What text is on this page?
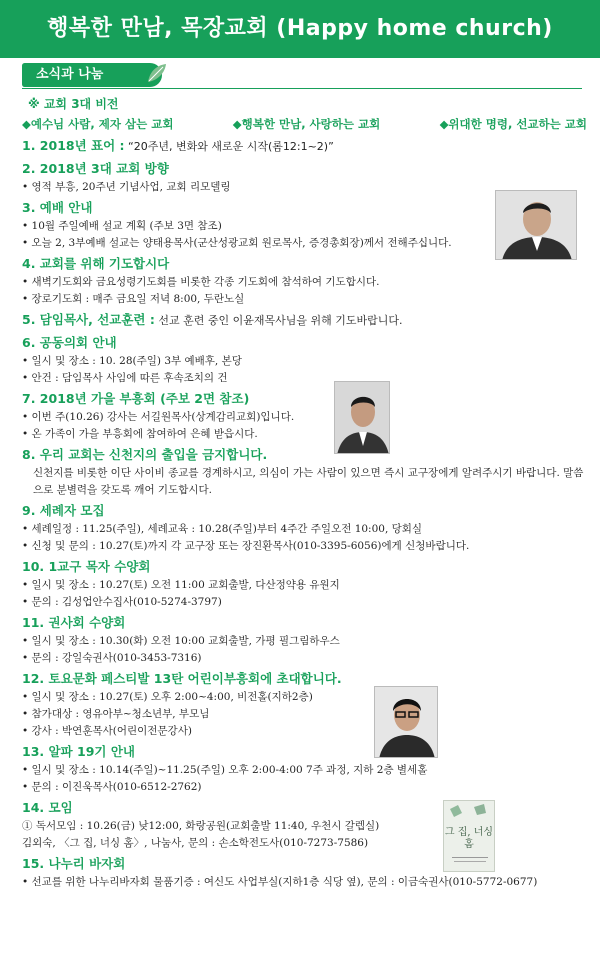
행복한 만남, 목장교회 (Happy home church)
소식과 나눔
※ 교회 3대 비전
◆예수님 사람, 제자 삼는 교회	◆행복한 만남, 사랑하는 교회	◆위대한 명령, 선교하는 교회
1. 2018년 표어 : “20주년, 변화와 새로운 시작(롬12:1~2)”
2. 2018년 3대 교회 방향
• 영적 부흥, 20주년 기념사업, 교회 리모델링
3. 예배 안내
• 10월 주일예배 설교 계획 (주보 3면 참조)
• 오늘 2, 3부예배 설교는 양태용목사(군산성광교회 원로목사, 증경총회장)께서 전해주십니다.
4. 교회를 위해 기도합시다
• 새벽기도회와 금요성령기도회를 비롯한 각종 기도회에 참석하여 기도합시다.
• 장로기도회 : 매주 금요일 저녁 8:00, 두란노실
5. 담임목사, 선교훈련 : 선교 훈련 중인 이윤재목사님을 위해 기도바랍니다.
6. 공동의회 안내
• 일시 및 장소 : 10. 28(주일) 3부 예배후, 본당
• 안건 : 담임목사 사임에 따른 후속조치의 건
7. 2018년 가을 부흥회 (주보 2면 참조)
• 이번 주(10.26) 강사는 서길원목사(상계감리교회)입니다.
• 온 가족이 가을 부흥회에 참여하여 은혜 받읍시다.
8. 우리 교회는 신천지의 출입을 금지합니다.
신천지를 비롯한 이단 사이비 종교를 경계하시고, 의심이 가는 사람이 있으면 즉시 교구장에게 알려주시기 바랍니다. 말씀으로 분별력을 갖도록 깨어 기도합시다.
9. 세례자 모집
• 세례일정 : 11.25(주일), 세례교육 : 10.28(주일)부터 4주간 주일오전 10:00, 당회실
• 신청 및 문의 : 10.27(토)까지 각 교구장 또는 장진환목사(010-3395-6056)에게 신청바랍니다.
10. 1교구 목자 수양회
• 일시 및 장소 : 10.27(토) 오전 11:00 교회출발, 다산정약용 유원지
• 문의 : 김성업안수집사(010-5274-3797)
11. 권사회 수양회
• 일시 및 장소 : 10.30(화) 오전 10:00 교회출발, 가평 필그림하우스
• 문의 : 강일숙권사(010-3453-7316)
12. 토요문화 페스티발 13탄 어린이부흥회에 초대합니다.
• 일시 및 장소 : 10.27(토) 오후 2:00~4:00, 비전홀(지하2층)
• 참가대상 : 영유아부~청소년부, 부모님
• 강사 : 박연훈목사(어린이전문강사)
13. 알파 19기 안내
• 일시 및 장소 : 10.14(주일)~11.25(주일) 오후 2:00-4:00 7주 과정, 지하 2층 별세홀
• 문의 : 이진욱목사(010-6512-2762)
14. 모임
① 독서모임 : 10.26(금) 낮12:00, 화랑공원(교회출발 11:40, 우천시 갈렙실)
김외숙, 〈그 집, 너싱 홈〉, 나눔사, 문의 : 손소학전도사(010-7273-7586)
15. 나누리 바자회
• 선교를 위한 나누리바자회 물품기증 : 여신도 사업부실(지하1층 식당 옆), 문의 : 이금숙권사(010-5772-0677)
그 집, 너싱홈
